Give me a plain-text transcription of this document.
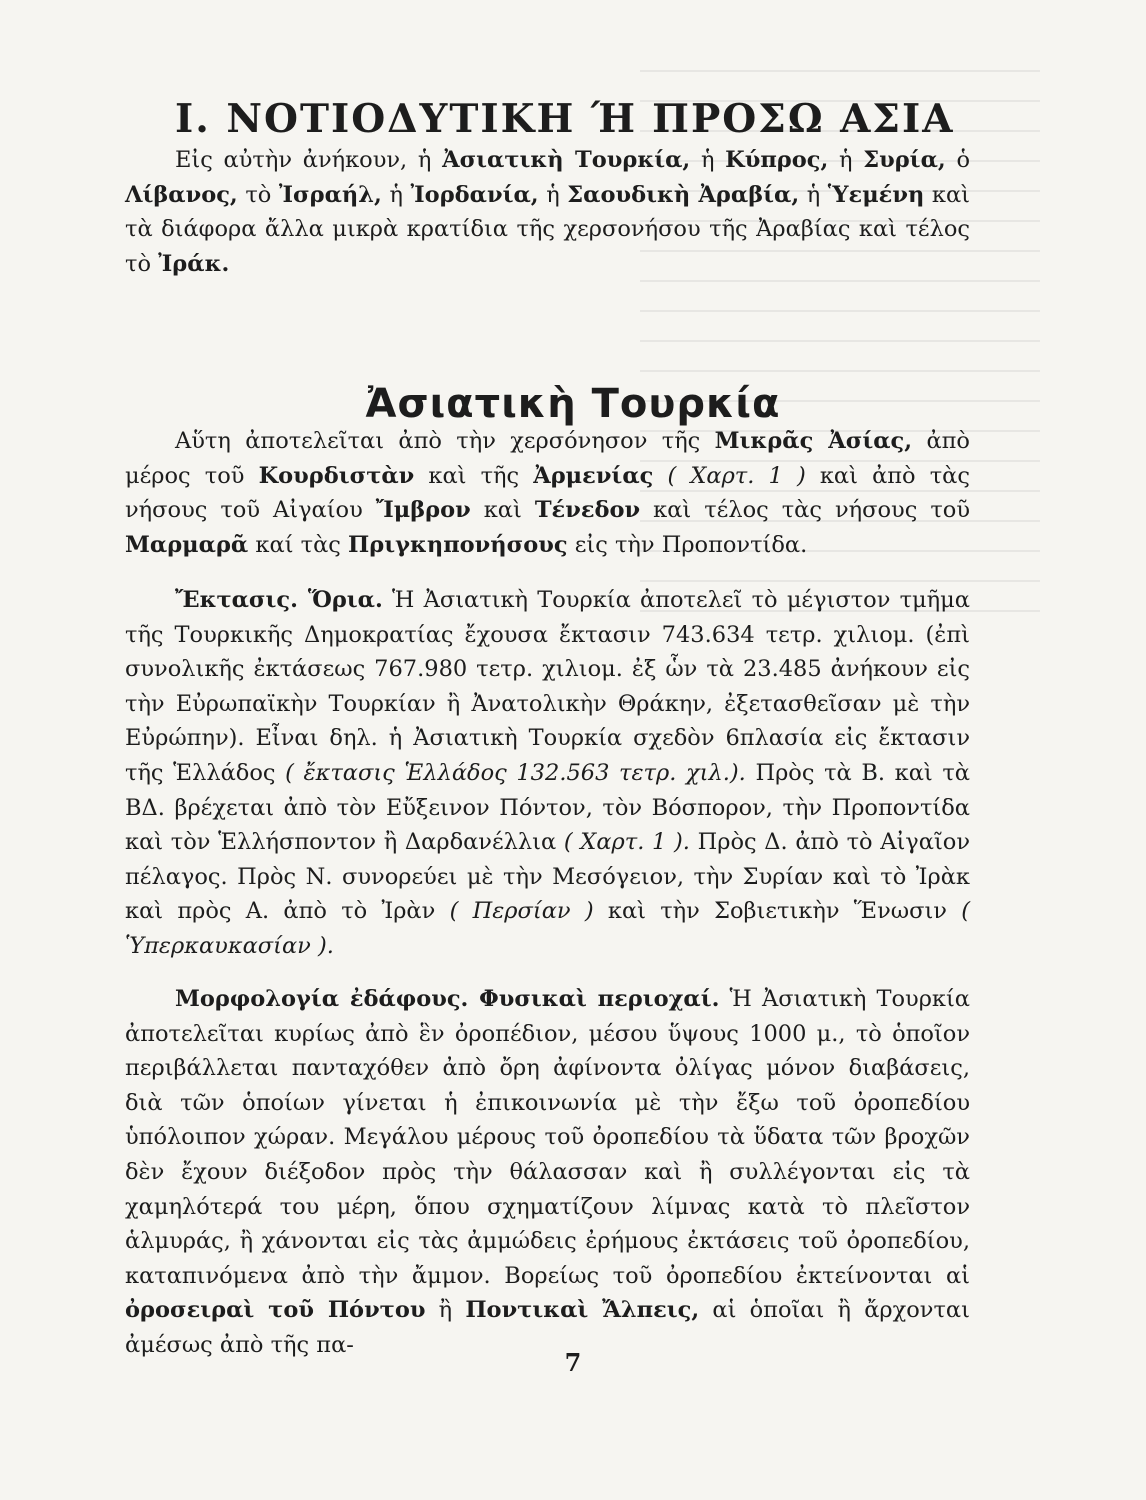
I. ΝΟΤΙΟΔΥΤΙΚΗ Ή ΠΡΟΣΩ ΑΣΙΑ

Εἰς αὐτὴν ἀνήκουν, ἡ Ἀσιατικὴ Τουρκία, ἡ Κύπρος, ἡ Συρία, ὁ Λίβανος, τὸ Ἰσραήλ, ἡ Ἰορδανία, ἡ Σαουδικὴ Ἀραβία, ἡ Ὑεμένη καὶ τὰ διάφορα ἄλλα μικρὰ κρατίδια τῆς χερσονήσου τῆς Ἀραβίας καὶ τέλος τὸ Ἰράκ.

Ἀσιατικὴ Τουρκία

Αὕτη ἀποτελεῖται ἀπὸ τὴν χερσόνησον τῆς Μικρᾶς Ἀσίας, ἀπὸ μέρος τοῦ Κουρδιστὰν καὶ τῆς Ἀρμενίας ( Χαρτ. 1 ) καὶ ἀπὸ τὰς νήσους τοῦ Αἰγαίου Ἴμβρον καὶ Τένεδον καὶ τέλος τὰς νήσους τοῦ Μαρμαρᾶ καί τὰς Πριγκηπονήσους εἰς τὴν Προποντίδα.

Ἔκτασις. Ὅρια. Ἡ Ἀσιατικὴ Τουρκία ἀποτελεῖ τὸ μέγιστον τμῆμα τῆς Τουρκικῆς Δημοκρατίας ἔχουσα ἔκτασιν 743.634 τετρ. χιλιομ. (ἐπὶ συνολικῆς ἐκτάσεως 767.980 τετρ. χιλιομ. ἐξ ὧν τὰ 23.485 ἀνήκουν εἰς τὴν Εὐρωπαϊκὴν Τουρκίαν ἢ Ἀνατολικὴν Θράκην, ἐξετασθεῖσαν μὲ τὴν Εὐρώπην). Εἶναι δηλ. ἡ Ἀσιατικὴ Τουρκία σχεδὸν 6πλασία εἰς ἔκτασιν τῆς Ἑλλάδος ( ἔκτασις Ἑλλάδος 132.563 τετρ. χιλ.). Πρὸς τὰ Β. καὶ τὰ ΒΔ. βρέχεται ἀπὸ τὸν Εὔξεινον Πόντον, τὸν Βόσπορον, τὴν Προποντίδα καὶ τὸν Ἑλλήσποντον ἢ Δαρδανέλλια ( Χαρτ. 1 ). Πρὸς Δ. ἀπὸ τὸ Αἰγαῖον πέλαγος. Πρὸς Ν. συνορεύει μὲ τὴν Μεσόγειον, τὴν Συρίαν καὶ τὸ Ἰρὰκ καὶ πρὸς Α. ἀπὸ τὸ Ἰρὰν ( Περσίαν ) καὶ τὴν Σοβιετικὴν Ἕνωσιν ( Ὑπερκαυκασίαν ).

Μορφολογία ἐδάφους. Φυσικαὶ περιοχαί. Ἡ Ἀσιατικὴ Τουρκία ἀποτελεῖται κυρίως ἀπὸ ἓν ὀροπέδιον, μέσου ὕψους 1000 μ., τὸ ὁποῖον περιβάλλεται πανταχόθεν ἀπὸ ὄρη ἀφίνοντα ὀλίγας μόνον διαβάσεις, διὰ τῶν ὁποίων γίνεται ἡ ἐπικοινωνία μὲ τὴν ἔξω τοῦ ὀροπεδίου ὑπόλοιπον χώραν. Μεγάλου μέρους τοῦ ὀροπεδίου τὰ ὕδατα τῶν βροχῶν δὲν ἔχουν διέξοδον πρὸς τὴν θάλασσαν καὶ ἢ συλλέγονται εἰς τὰ χαμηλότερά του μέρη, ὅπου σχηματίζουν λίμνας κατὰ τὸ πλεῖστον ἁλμυράς, ἢ χάνονται εἰς τὰς ἀμμώδεις ἐρήμους ἐκτάσεις τοῦ ὀροπεδίου, καταπινόμενα ἀπὸ τὴν ἄμμον. Βορείως τοῦ ὀροπεδίου ἐκτείνονται αἱ ὀροσειραὶ τοῦ Πόντου ἢ Ποντικαὶ Ἄλπεις, αἱ ὁποῖαι ἢ ἄρχονται ἀμέσως ἀπὸ τῆς πα-

7
